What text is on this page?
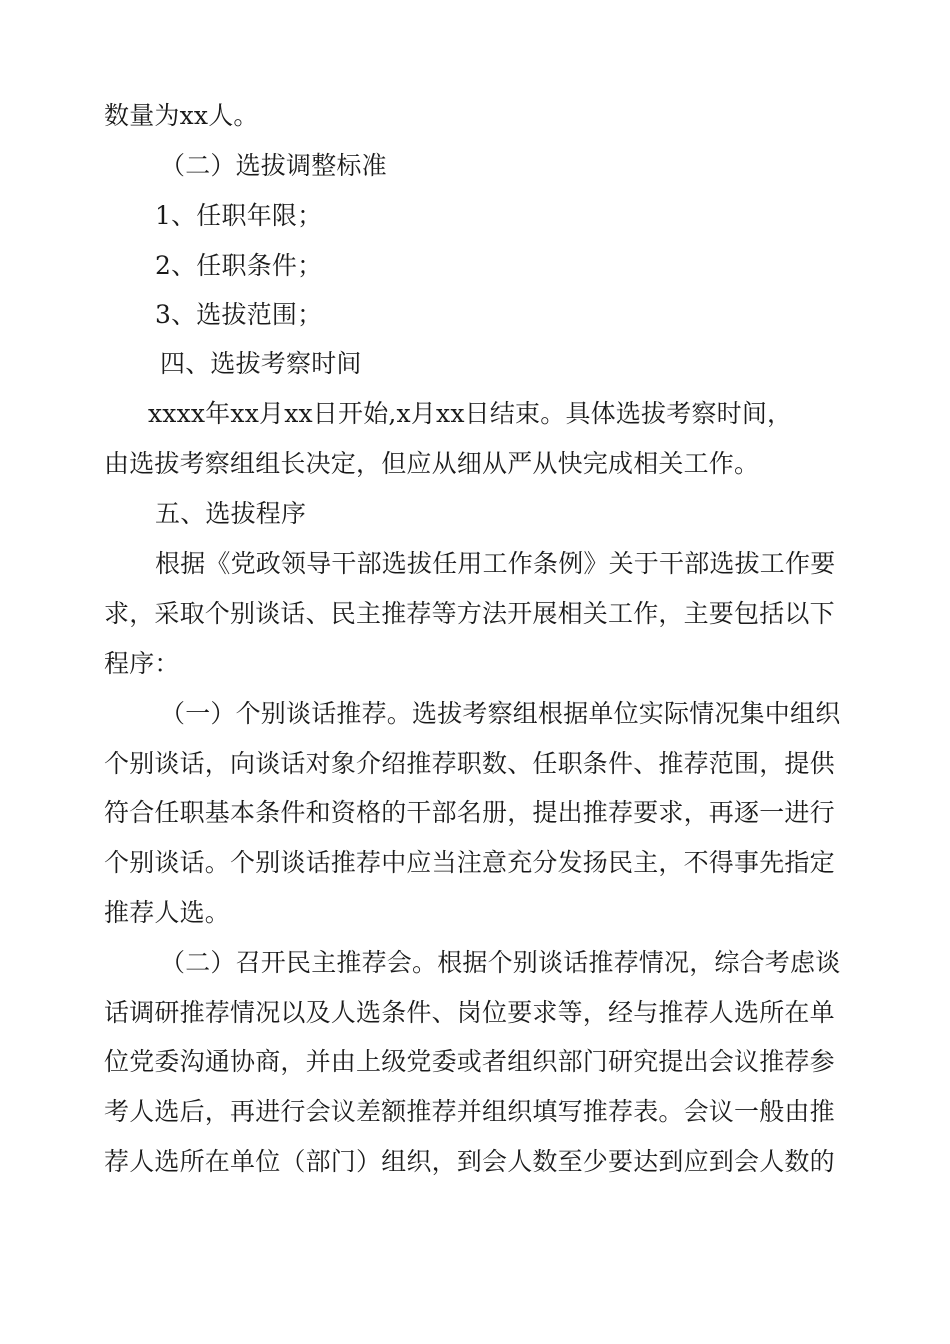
数量为xx人。
（二）选拔调整标准
1、任职年限；
2、任职条件；
3、选拔范围；
四、选拔考察时间
xxxx年xx月xx日开始,x月xx日结束。具体选拔考察时间，
由选拔考察组组长决定，但应从细从严从快完成相关工作。
五、选拔程序
根据《党政领导干部选拔任用工作条例》关于干部选拔工作要
求，采取个别谈话、民主推荐等方法开展相关工作，主要包括以下
程序：
（一）个别谈话推荐。选拔考察组根据单位实际情况集中组织
个别谈话，向谈话对象介绍推荐职数、任职条件、推荐范围，提供
符合任职基本条件和资格的干部名册，提出推荐要求，再逐一进行
个别谈话。个别谈话推荐中应当注意充分发扬民主，不得事先指定
推荐人选。
（二）召开民主推荐会。根据个别谈话推荐情况，综合考虑谈
话调研推荐情况以及人选条件、岗位要求等，经与推荐人选所在单
位党委沟通协商，并由上级党委或者组织部门研究提出会议推荐参
考人选后，再进行会议差额推荐并组织填写推荐表。会议一般由推
荐人选所在单位（部门）组织，到会人数至少要达到应到会人数的
